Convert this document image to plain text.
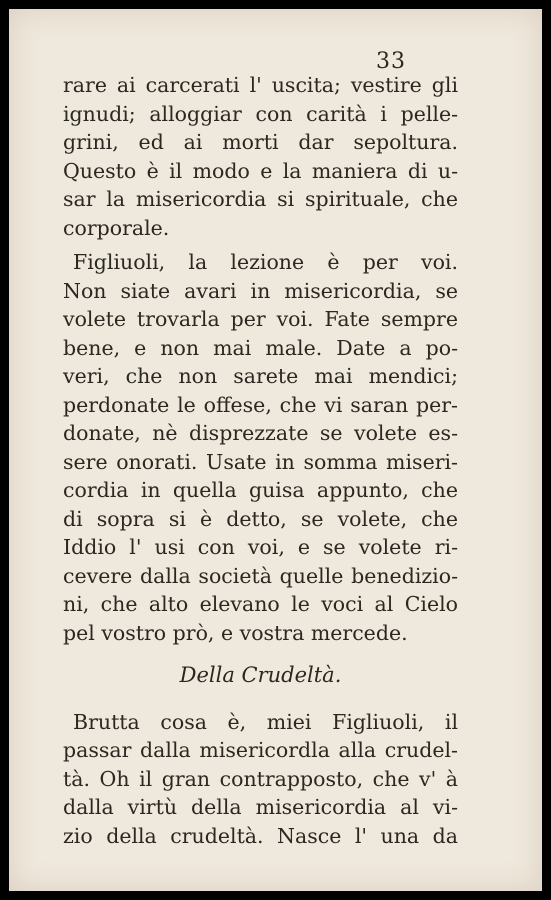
33
rare ai carcerati l' uscita; vestire gli
ignudi; alloggiar con carità i pelle-
grini, ed ai morti dar sepoltura.
Questo è il modo e la maniera di u-
sar la misericordia si spirituale, che
corporale.
Figliuoli, la lezione è per voi.
Non siate avari in misericordia, se
volete trovarla per voi. Fate sempre
bene, e non mai male. Date a po-
veri, che non sarete mai mendici;
perdonate le offese, che vi saran per-
donate, nè disprezzate se volete es-
sere onorati. Usate in somma miseri-
cordia in quella guisa appunto, che
di sopra si è detto, se volete, che
Iddio l' usi con voi, e se volete ri-
cevere dalla società quelle benedizio-
ni, che alto elevano le voci al Cielo
pel vostro prò, e vostra mercede.
Della Crudeltà.
Brutta cosa è, miei Figliuoli, il
passar dalla misericordla alla crudel-
tà. Oh il gran contrapposto, che v' à
dalla virtù della misericordia al vi-
zio della crudeltà. Nasce l' una da
